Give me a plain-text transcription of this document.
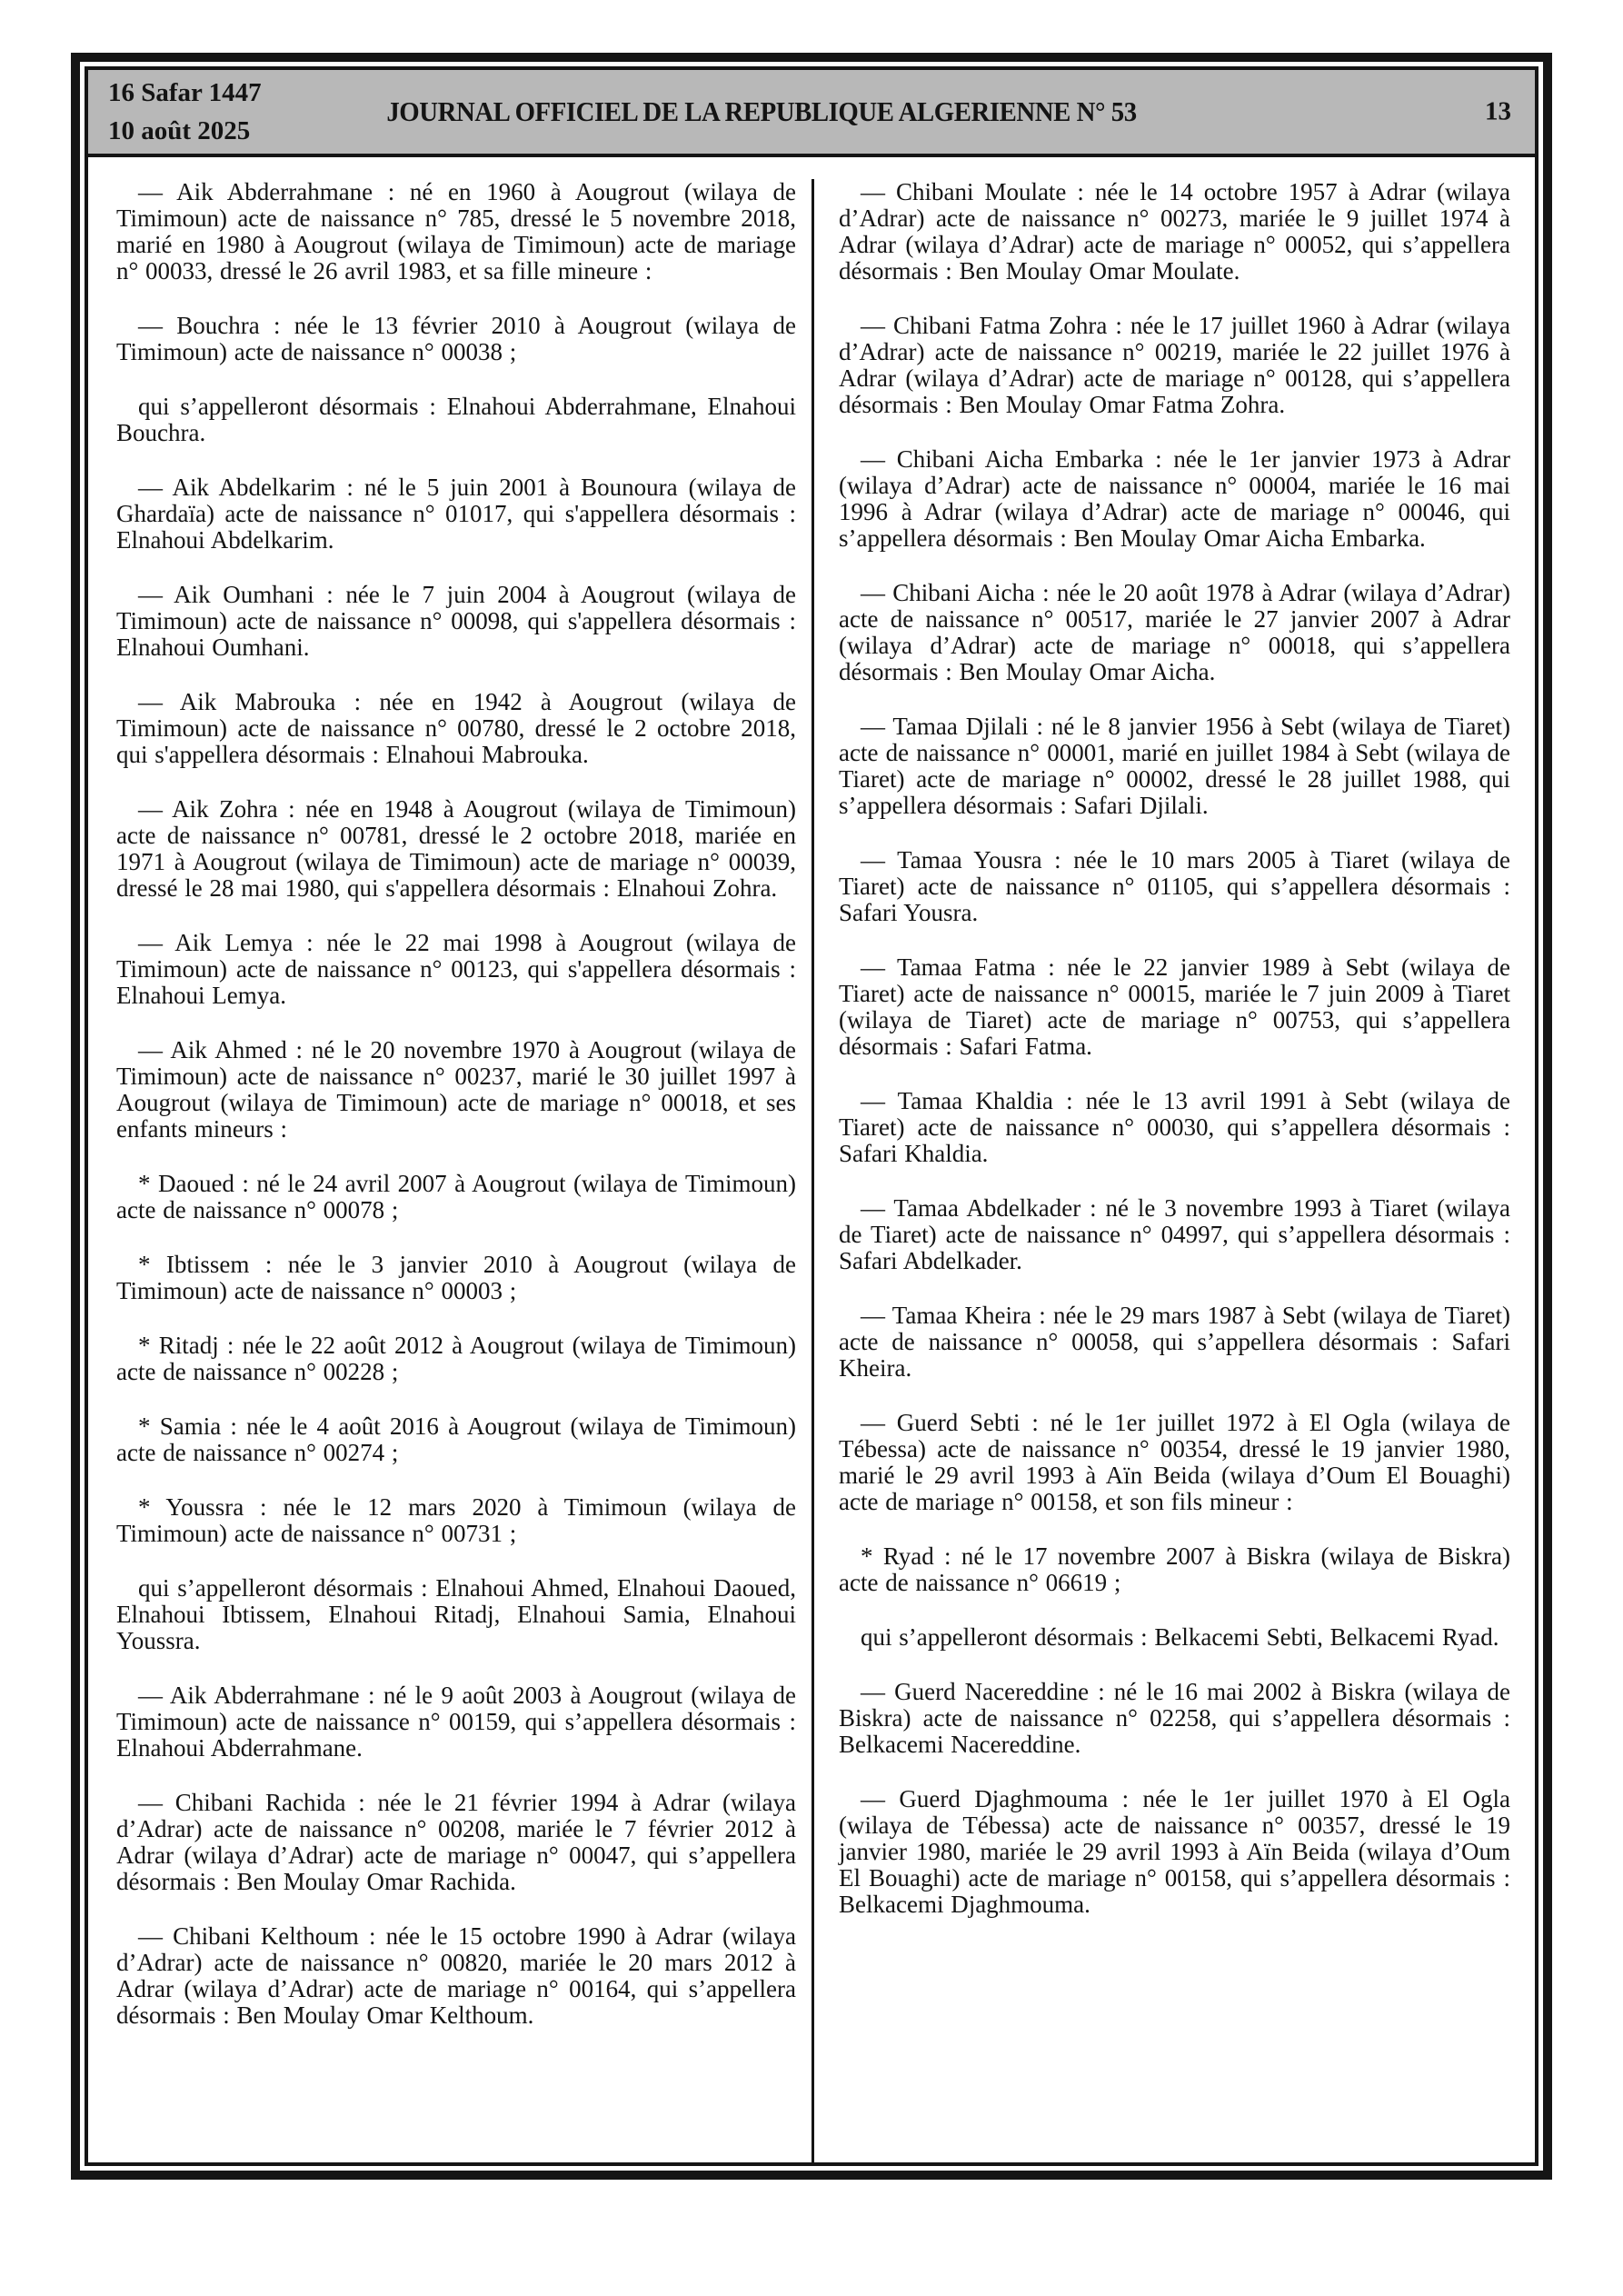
16 Safar 1447
10 août 2025
JOURNAL OFFICIEL DE LA REPUBLIQUE ALGERIENNE N° 53	13

— Aik Abderrahmane : né en 1960 à Aougrout (wilaya de Timimoun) acte de naissance n° 785, dressé le 5 novembre 2018, marié en 1980 à Aougrout (wilaya de Timimoun) acte de mariage n° 00033, dressé le 26 avril 1983, et sa fille mineure :

— Bouchra : née le 13 février 2010 à Aougrout (wilaya de Timimoun) acte de naissance n° 00038 ;

qui s’appelleront désormais : Elnahoui Abderrahmane, Elnahoui Bouchra.

— Aik Abdelkarim : né le 5 juin 2001 à Bounoura (wilaya de Ghardaïa) acte de naissance n° 01017, qui s'appellera désormais : Elnahoui Abdelkarim.

— Aik Oumhani : née le 7 juin 2004 à Aougrout (wilaya de Timimoun) acte de naissance n° 00098, qui s'appellera désormais : Elnahoui Oumhani.

— Aik Mabrouka : née en 1942 à Aougrout (wilaya de Timimoun) acte de naissance n° 00780, dressé le 2 octobre 2018, qui s'appellera désormais : Elnahoui Mabrouka.

— Aik Zohra : née en 1948 à Aougrout (wilaya de Timimoun) acte de naissance n° 00781, dressé le 2 octobre 2018, mariée en 1971 à Aougrout (wilaya de Timimoun) acte de mariage n° 00039, dressé le 28 mai 1980, qui s'appellera désormais : Elnahoui Zohra.

— Aik Lemya : née le 22 mai 1998 à Aougrout (wilaya de Timimoun) acte de naissance n° 00123, qui s'appellera désormais : Elnahoui Lemya.

— Aik Ahmed : né le 20 novembre 1970 à Aougrout (wilaya de Timimoun) acte de naissance n° 00237, marié le 30 juillet 1997 à Aougrout (wilaya de Timimoun) acte de mariage n° 00018, et ses enfants mineurs :

* Daoued : né le 24 avril 2007 à Aougrout (wilaya de Timimoun) acte de naissance n° 00078 ;

* Ibtissem : née le 3 janvier 2010 à Aougrout (wilaya de Timimoun) acte de naissance n° 00003 ;

* Ritadj : née le 22 août 2012 à Aougrout (wilaya de Timimoun) acte de naissance n° 00228 ;

* Samia : née le 4 août 2016 à Aougrout (wilaya de Timimoun) acte de naissance n° 00274 ;

* Youssra : née le 12 mars 2020 à Timimoun (wilaya de Timimoun) acte de naissance n° 00731 ;

qui s’appelleront désormais : Elnahoui Ahmed, Elnahoui Daoued, Elnahoui Ibtissem, Elnahoui Ritadj, Elnahoui Samia, Elnahoui Youssra.

— Aik Abderrahmane : né le 9 août 2003 à Aougrout (wilaya de Timimoun) acte de naissance n° 00159, qui s’appellera désormais : Elnahoui Abderrahmane.

— Chibani Rachida : née le 21 février 1994 à Adrar (wilaya d’Adrar) acte de naissance n° 00208, mariée le 7 février 2012 à Adrar (wilaya d’Adrar) acte de mariage n° 00047, qui s’appellera désormais : Ben Moulay Omar Rachida.

— Chibani Kelthoum : née le 15 octobre 1990 à Adrar (wilaya d’Adrar) acte de naissance n° 00820, mariée le 20 mars 2012 à Adrar (wilaya d’Adrar) acte de mariage n° 00164, qui s’appellera désormais : Ben Moulay Omar Kelthoum.

— Chibani Moulate : née le 14 octobre 1957 à Adrar (wilaya d’Adrar) acte de naissance n° 00273, mariée le 9 juillet 1974 à Adrar (wilaya d’Adrar) acte de mariage n° 00052, qui s’appellera désormais : Ben Moulay Omar Moulate.

— Chibani Fatma Zohra : née le 17 juillet 1960 à Adrar (wilaya d’Adrar) acte de naissance n° 00219, mariée le 22 juillet 1976 à Adrar (wilaya d’Adrar) acte de mariage n° 00128, qui s’appellera désormais : Ben Moulay Omar Fatma Zohra.

— Chibani Aicha Embarka : née le 1er janvier 1973 à Adrar (wilaya d’Adrar) acte de naissance n° 00004, mariée le 16 mai 1996 à Adrar (wilaya d’Adrar) acte de mariage n° 00046, qui s’appellera désormais : Ben Moulay Omar Aicha Embarka.

— Chibani Aicha : née le 20 août 1978 à Adrar (wilaya d’Adrar) acte de naissance n° 00517, mariée le 27 janvier 2007 à Adrar (wilaya d’Adrar) acte de mariage n° 00018, qui s’appellera désormais : Ben Moulay Omar Aicha.

— Tamaa Djilali : né le 8 janvier 1956 à Sebt (wilaya de Tiaret) acte de naissance n° 00001, marié en juillet 1984 à Sebt (wilaya de Tiaret) acte de mariage n° 00002, dressé le 28 juillet 1988, qui s’appellera désormais : Safari Djilali.

— Tamaa Yousra : née le 10 mars 2005 à Tiaret (wilaya de Tiaret) acte de naissance n° 01105, qui s’appellera désormais : Safari Yousra.

— Tamaa Fatma : née le 22 janvier 1989 à Sebt (wilaya de Tiaret) acte de naissance n° 00015, mariée le 7 juin 2009 à Tiaret (wilaya de Tiaret) acte de mariage n° 00753, qui s’appellera désormais : Safari Fatma.

— Tamaa Khaldia : née le 13 avril 1991 à Sebt (wilaya de Tiaret) acte de naissance n° 00030, qui s’appellera désormais : Safari Khaldia.

— Tamaa Abdelkader : né le 3 novembre 1993 à Tiaret (wilaya de Tiaret) acte de naissance n° 04997, qui s’appellera désormais : Safari Abdelkader.

— Tamaa Kheira : née le 29 mars 1987 à Sebt (wilaya de Tiaret) acte de naissance n° 00058, qui s’appellera désormais : Safari Kheira.

— Guerd Sebti : né le 1er juillet 1972 à El Ogla (wilaya de Tébessa) acte de naissance n° 00354, dressé le 19 janvier 1980, marié le 29 avril 1993 à Aïn Beida (wilaya d’Oum El Bouaghi) acte de mariage n° 00158, et son fils mineur :

* Ryad : né le 17 novembre 2007 à Biskra (wilaya de Biskra) acte de naissance n° 06619 ;

qui s’appelleront désormais : Belkacemi Sebti, Belkacemi Ryad.

— Guerd Nacereddine : né le 16 mai 2002 à Biskra (wilaya de Biskra) acte de naissance n° 02258, qui s’appellera désormais : Belkacemi Nacereddine.

— Guerd Djaghmouma : née le 1er juillet 1970 à El Ogla (wilaya de Tébessa) acte de naissance n° 00357, dressé le 19 janvier 1980, mariée le 29 avril 1993 à Aïn Beida (wilaya d’Oum El Bouaghi) acte de mariage n° 00158, qui s’appellera désormais : Belkacemi Djaghmouma.
